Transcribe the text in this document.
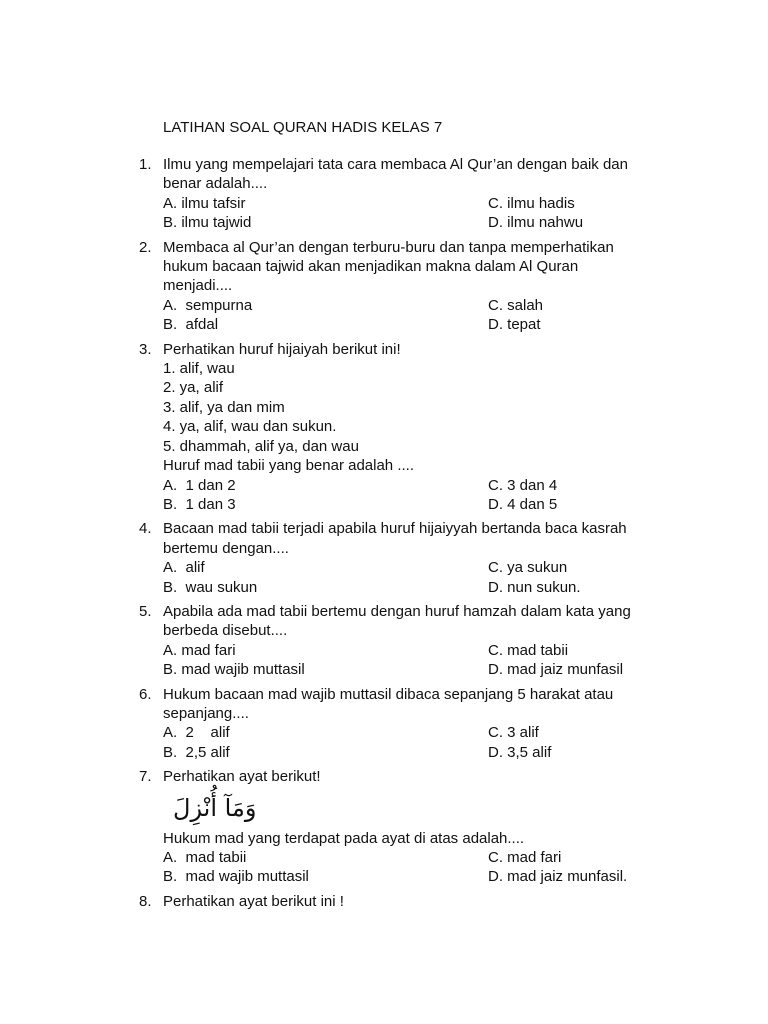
LATIHAN SOAL QURAN HADIS KELAS 7
1. Ilmu yang mempelajari tata cara membaca Al Qur’an dengan baik dan benar adalah....
A. ilmu tafsir	C. ilmu hadis
B. ilmu tajwid	D. ilmu nahwu
2. Membaca al Qur’an dengan terburu-buru dan tanpa memperhatikan hukum bacaan tajwid akan menjadikan makna dalam Al Quran menjadi....
A.  sempurna	C. salah
B.  afdal	D. tepat
3. Perhatikan huruf hijaiyah berikut ini!
1. alif, wau
2. ya, alif
3. alif, ya dan mim
4. ya, alif, wau dan sukun.
5. dhammah, alif ya, dan wau
Huruf mad tabii yang benar adalah ....
A.  1 dan 2	C. 3 dan 4
B.  1 dan 3	D. 4 dan 5
4. Bacaan mad tabii terjadi apabila huruf hijaiyyah bertanda baca kasrah bertemu dengan....
A.  alif	C. ya sukun
B.  wau sukun	D. nun sukun.
5. Apabila ada mad tabii bertemu dengan huruf hamzah dalam kata yang berbeda disebut....
A. mad fari	C. mad tabii
B. mad wajib muttasil	D. mad jaiz munfasil
6. Hukum bacaan mad wajib muttasil dibaca sepanjang 5 harakat atau sepanjang....
A.  2    alif	C. 3 alif
B.  2,5 alif	D. 3,5 alif
7. Perhatikan ayat berikut!
وَمَآ أُنْزِلَ
Hukum mad yang terdapat pada ayat di atas adalah....
A.  mad tabii	C. mad fari
B.  mad wajib muttasil	D. mad jaiz munfasil.
8. Perhatikan ayat berikut ini !
